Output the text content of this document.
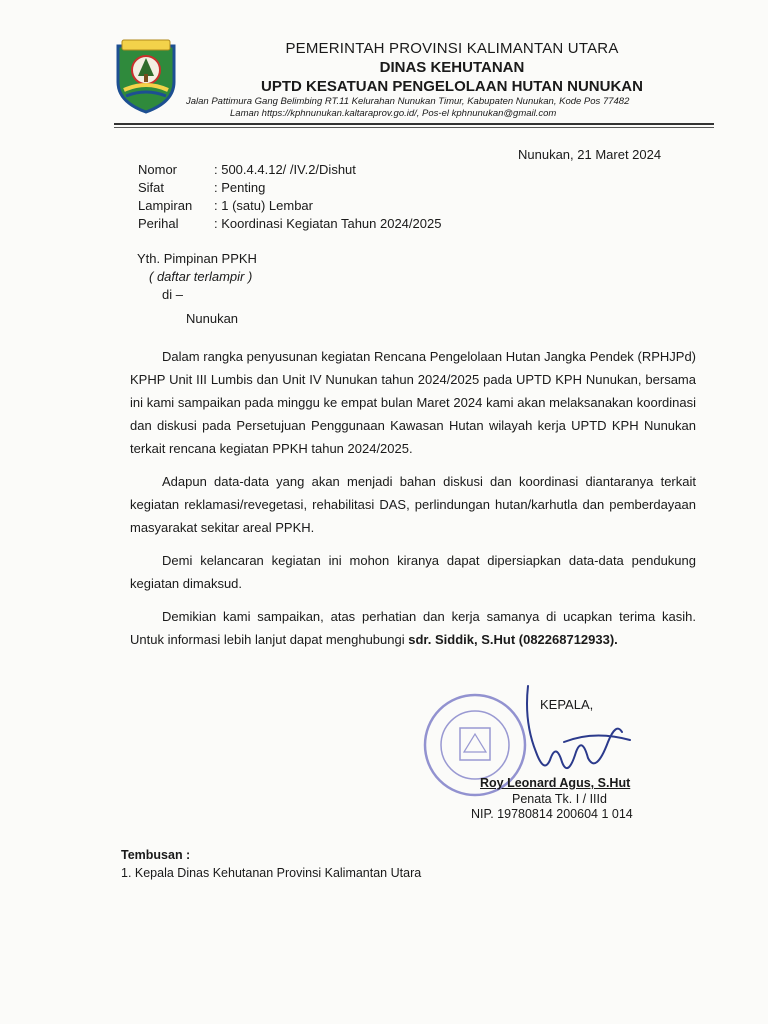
PEMERINTAH PROVINSI KALIMANTAN UTARA
DINAS KEHUTANAN
UPTD KESATUAN PENGELOLAAN HUTAN NUNUKAN
Jalan Pattimura Gang Belimbing RT.11 Kelurahan Nunukan Timur, Kabupaten Nunukan, Kode Pos 77482
Laman https://kphnunukan.kaltaraprov.go.id/, Pos-el kphnunukan@gmail.com
Nunukan, 21 Maret 2024
Nomor	: 500.4.4.12/ /IV.2/Dishut
Sifat	: Penting
Lampiran	: 1 (satu) Lembar
Perihal	: Koordinasi Kegiatan Tahun 2024/2025
Yth. Pimpinan PPKH
( daftar terlampir )
di –
Nunukan

Dalam rangka penyusunan kegiatan Rencana Pengelolaan Hutan Jangka Pendek (RPHJPd) KPHP Unit III Lumbis dan Unit IV Nunukan tahun 2024/2025 pada UPTD KPH Nunukan, bersama ini kami sampaikan pada minggu ke empat bulan Maret 2024 kami akan melaksanakan koordinasi dan diskusi pada Persetujuan Penggunaan Kawasan Hutan wilayah kerja UPTD KPH Nunukan terkait rencana kegiatan PPKH tahun 2024/2025.

Adapun data-data yang akan menjadi bahan diskusi dan koordinasi diantaranya terkait kegiatan reklamasi/revegetasi, rehabilitasi DAS, perlindungan hutan/karhutla dan pemberdayaan masyarakat sekitar areal PPKH.

Demi kelancaran kegiatan ini mohon kiranya dapat dipersiapkan data-data pendukung kegiatan dimaksud.

Demikian kami sampaikan, atas perhatian dan kerja samanya di ucapkan terima kasih. Untuk informasi lebih lanjut dapat menghubungi sdr. Siddik, S.Hut (082268712933).

KEPALA,
Roy Leonard Agus, S.Hut
Penata Tk. I / IIId
NIP. 19780814 200604 1 014
Tembusan :
1. Kepala Dinas Kehutanan Provinsi Kalimantan Utara
